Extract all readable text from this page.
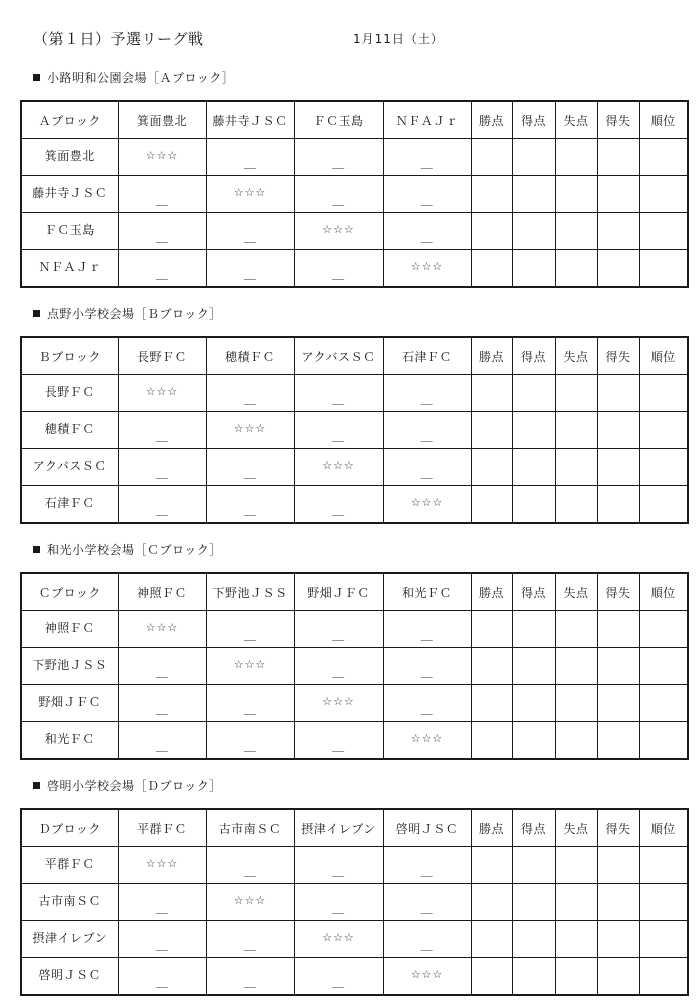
（第１日）予選リーグ戦	1月11日（土）
小路明和公園会場［Ａブロック］
Ａブロック	箕面豊北	藤井寺ＪＳＣ	ＦＣ玉島	ＮＦＡＪｒ	勝点	得点	失点	得失	順位
箕面豊北	☆☆☆	＿	＿	＿					
藤井寺ＪＳＣ	＿	☆☆☆	＿	＿					
ＦＣ玉島	＿	＿	☆☆☆	＿					
ＮＦＡＪｒ	＿	＿	＿	☆☆☆					
点野小学校会場［Ｂブロック］
Ｂブロック	長野ＦＣ	穂積ＦＣ	アクバスＳＣ	石津ＦＣ	勝点	得点	失点	得失	順位
長野ＦＣ	☆☆☆	＿	＿	＿					
穂積ＦＣ	＿	☆☆☆	＿	＿					
アクバスＳＣ	＿	＿	☆☆☆	＿					
石津ＦＣ	＿	＿	＿	☆☆☆					
和光小学校会場［Ｃブロック］
Ｃブロック	神照ＦＣ	下野池ＪＳＳ	野畑ＪＦＣ	和光ＦＣ	勝点	得点	失点	得失	順位
神照ＦＣ	☆☆☆	＿	＿	＿					
下野池ＪＳＳ	＿	☆☆☆	＿	＿					
野畑ＪＦＣ	＿	＿	☆☆☆	＿					
和光ＦＣ	＿	＿	＿	☆☆☆					
啓明小学校会場［Ｄブロック］
Ｄブロック	平群ＦＣ	古市南ＳＣ	摂津イレブン	啓明ＪＳＣ	勝点	得点	失点	得失	順位
平群ＦＣ	☆☆☆	＿	＿	＿					
古市南ＳＣ	＿	☆☆☆	＿	＿					
摂津イレブン	＿	＿	☆☆☆	＿					
啓明ＪＳＣ	＿	＿	＿	☆☆☆					
